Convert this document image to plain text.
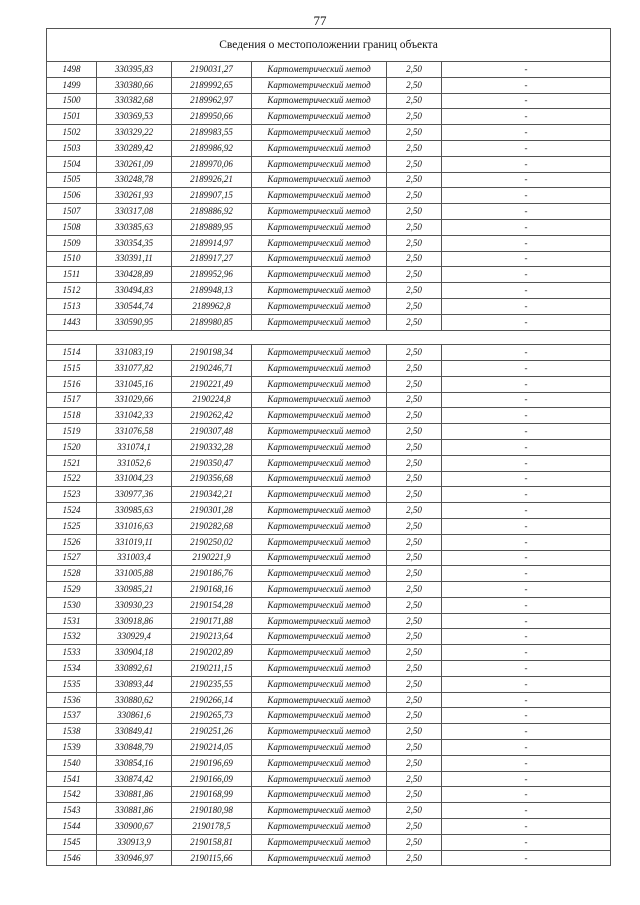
77
Сведения о местоположении границ объекта					
1498	330395,83	2190031,27	Картометрический метод	2,50	-
1499	330380,66	2189992,65	Картометрический метод	2,50	-
1500	330382,68	2189962,97	Картометрический метод	2,50	-
1501	330369,53	2189950,66	Картометрический метод	2,50	-
1502	330329,22	2189983,55	Картометрический метод	2,50	-
1503	330289,42	2189986,92	Картометрический метод	2,50	-
1504	330261,09	2189970,06	Картометрический метод	2,50	-
1505	330248,78	2189926,21	Картометрический метод	2,50	-
1506	330261,93	2189907,15	Картометрический метод	2,50	-
1507	330317,08	2189886,92	Картометрический метод	2,50	-
1508	330385,63	2189889,95	Картометрический метод	2,50	-
1509	330354,35	2189914,97	Картометрический метод	2,50	-
1510	330391,11	2189917,27	Картометрический метод	2,50	-
1511	330428,89	2189952,96	Картометрический метод	2,50	-
1512	330494,83	2189948,13	Картометрический метод	2,50	-
1513	330544,74	2189962,8	Картометрический метод	2,50	-
1443	330590,95	2189980,85	Картометрический метод	2,50	-

1514	331083,19	2190198,34	Картометрический метод	2,50	-
1515	331077,82	2190246,71	Картометрический метод	2,50	-
1516	331045,16	2190221,49	Картометрический метод	2,50	-
1517	331029,66	2190224,8	Картометрический метод	2,50	-
1518	331042,33	2190262,42	Картометрический метод	2,50	-
1519	331076,58	2190307,48	Картометрический метод	2,50	-
1520	331074,1	2190332,28	Картометрический метод	2,50	-
1521	331052,6	2190350,47	Картометрический метод	2,50	-
1522	331004,23	2190356,68	Картометрический метод	2,50	-
1523	330977,36	2190342,21	Картометрический метод	2,50	-
1524	330985,63	2190301,28	Картометрический метод	2,50	-
1525	331016,63	2190282,68	Картометрический метод	2,50	-
1526	331019,11	2190250,02	Картометрический метод	2,50	-
1527	331003,4	2190221,9	Картометрический метод	2,50	-
1528	331005,88	2190186,76	Картометрический метод	2,50	-
1529	330985,21	2190168,16	Картометрический метод	2,50	-
1530	330930,23	2190154,28	Картометрический метод	2,50	-
1531	330918,86	2190171,88	Картометрический метод	2,50	-
1532	330929,4	2190213,64	Картометрический метод	2,50	-
1533	330904,18	2190202,89	Картометрический метод	2,50	-
1534	330892,61	2190211,15	Картометрический метод	2,50	-
1535	330893,44	2190235,55	Картометрический метод	2,50	-
1536	330880,62	2190266,14	Картометрический метод	2,50	-
1537	330861,6	2190265,73	Картометрический метод	2,50	-
1538	330849,41	2190251,26	Картометрический метод	2,50	-
1539	330848,79	2190214,05	Картометрический метод	2,50	-
1540	330854,16	2190196,69	Картометрический метод	2,50	-
1541	330874,42	2190166,09	Картометрический метод	2,50	-
1542	330881,86	2190168,99	Картометрический метод	2,50	-
1543	330881,86	2190180,98	Картометрический метод	2,50	-
1544	330900,67	2190178,5	Картометрический метод	2,50	-
1545	330913,9	2190158,81	Картометрический метод	2,50	-
1546	330946,97	2190115,66	Картометрический метод	2,50	-
